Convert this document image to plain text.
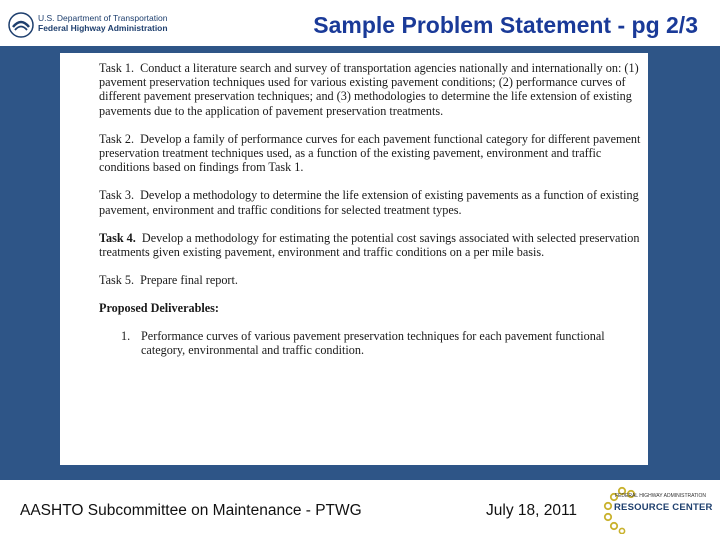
U.S. Department of Transportation
Federal Highway Administration	Sample Problem Statement - pg 2/3

Task 1. Conduct a literature search and survey of transportation agencies nationally and internationally on: (1) pavement preservation techniques used for various existing pavement conditions; (2) performance curves of different pavement preservation techniques; and (3) methodologies to determine the life extension of existing pavements due to the application of pavement preservation treatments.

Task 2. Develop a family of performance curves for each pavement functional category for different pavement preservation treatment techniques used, as a function of the existing pavement, environment and traffic conditions based on findings from Task 1.

Task 3. Develop a methodology to determine the life extension of existing pavements as a function of existing pavement, environment and traffic conditions for selected treatment types.

Task 4. Develop a methodology for estimating the potential cost savings associated with selected preservation treatments given existing pavement, environment and traffic conditions on a per mile basis.

Task 5. Prepare final report.

Proposed Deliverables:

1. Performance curves of various pavement preservation techniques for each pavement functional category, environmental and traffic condition.
AASHTO Subcommittee on Maintenance - PTWG	July 18, 2011
FEDERAL HIGHWAY ADMINISTRATION
RESOURCE CENTER
